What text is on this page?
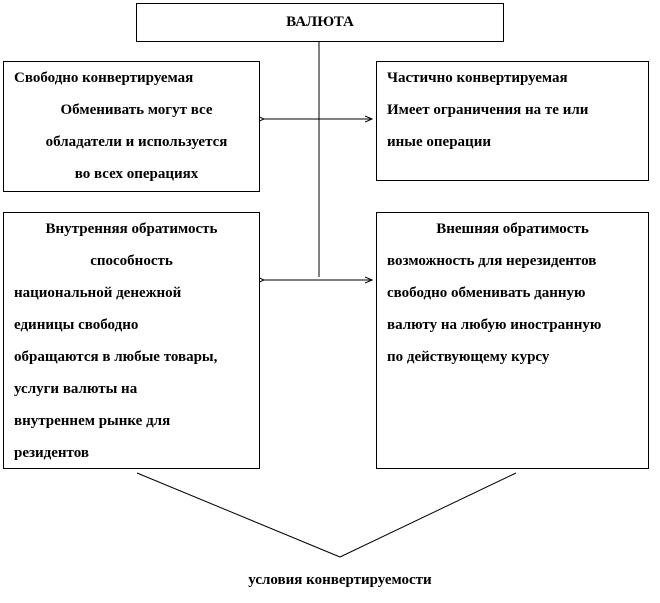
ВАЛЮТА
Свободно конвертируемая
Обменивать могут все
обладатели и используется
во всех операциях
Частично конвертируемая
Имеет ограничения на те или
иные операции
Внутренняя обратимость
способность
национальной денежной
единицы свободно
обращаются в любые товары,
услуги валюты на
внутреннем рынке для
резидентов
Внешняя обратимость
возможность для нерезидентов
свободно обменивать данную
валюту на любую иностранную
по действующему курсу
условия конвертируемости
